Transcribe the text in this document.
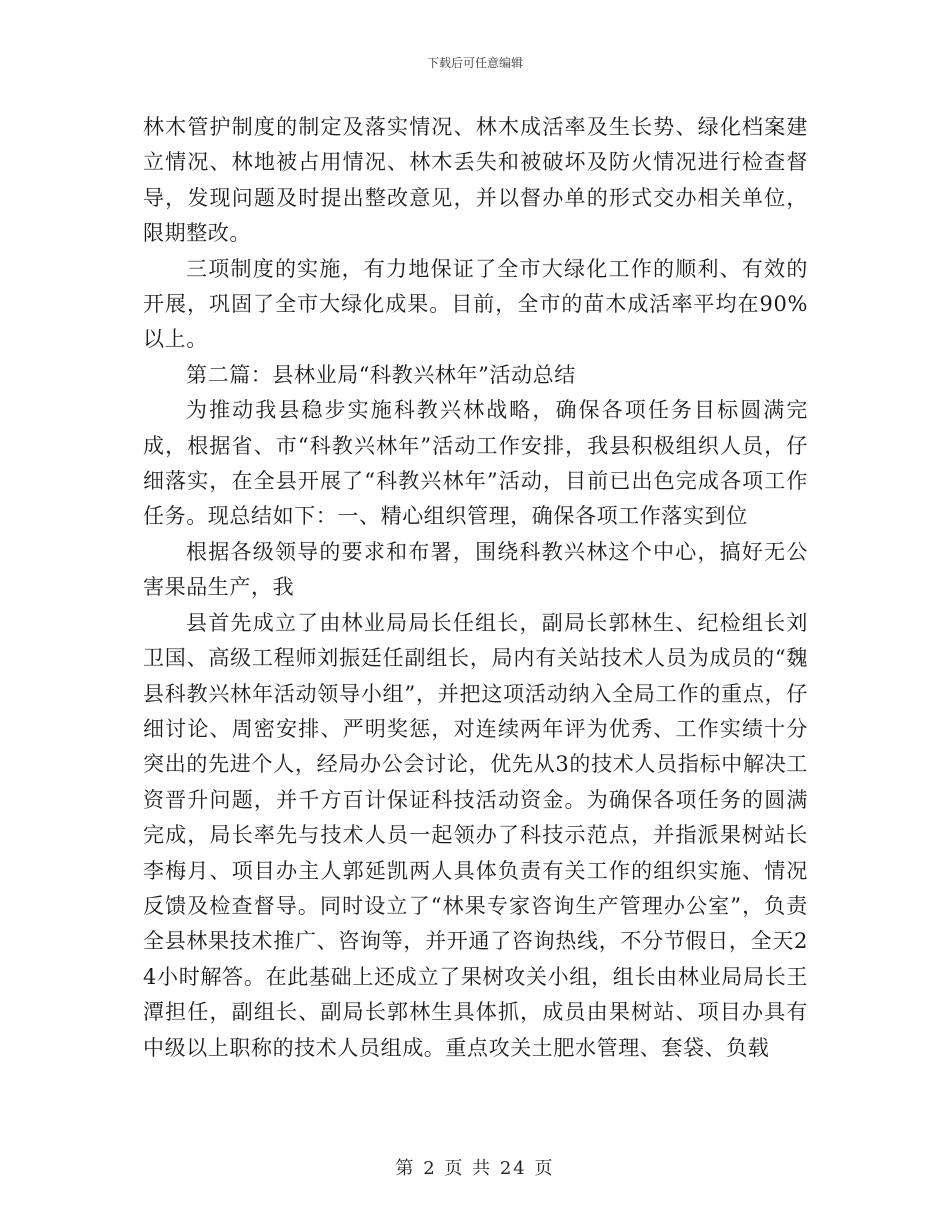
下载后可任意编辑

林木管护制度的制定及落实情况、林木成活率及生长势、绿化档案建立情况、林地被占用情况、林木丢失和被破坏及防火情况进行检查督导，发现问题及时提出整改意见，并以督办单的形式交办相关单位，限期整改。

三项制度的实施，有力地保证了全市大绿化工作的顺利、有效的开展，巩固了全市大绿化成果。目前，全市的苗木成活率平均在90%以上。

第二篇：县林业局“科教兴林年”活动总结

为推动我县稳步实施科教兴林战略，确保各项任务目标圆满完成，根据省、市“科教兴林年”活动工作安排，我县积极组织人员，仔细落实，在全县开展了“科教兴林年”活动，目前已出色完成各项工作任务。现总结如下：一、精心组织管理，确保各项工作落实到位

根据各级领导的要求和布署，围绕科教兴林这个中心，搞好无公害果品生产，我

县首先成立了由林业局局长任组长，副局长郭林生、纪检组长刘卫国、高级工程师刘振廷任副组长，局内有关站技术人员为成员的“魏县科教兴林年活动领导小组”，并把这项活动纳入全局工作的重点，仔细讨论、周密安排、严明奖惩，对连续两年评为优秀、工作实绩十分突出的先进个人，经局办公会讨论，优先从3的技术人员指标中解决工资晋升问题，并千方百计保证科技活动资金。为确保各项任务的圆满完成，局长率先与技术人员一起领办了科技示范点，并指派果树站长李梅月、项目办主人郭延凯两人具体负责有关工作的组织实施、情况反馈及检查督导。同时设立了“林果专家咨询生产管理办公室”，负责全县林果技术推广、咨询等，并开通了咨询热线，不分节假日，全天24小时解答。在此基础上还成立了果树攻关小组，组长由林业局局长王潭担任，副组长、副局长郭林生具体抓，成员由果树站、项目办具有中级以上职称的技术人员组成。重点攻关土肥水管理、套袋、负载

第 2 页 共 24 页
